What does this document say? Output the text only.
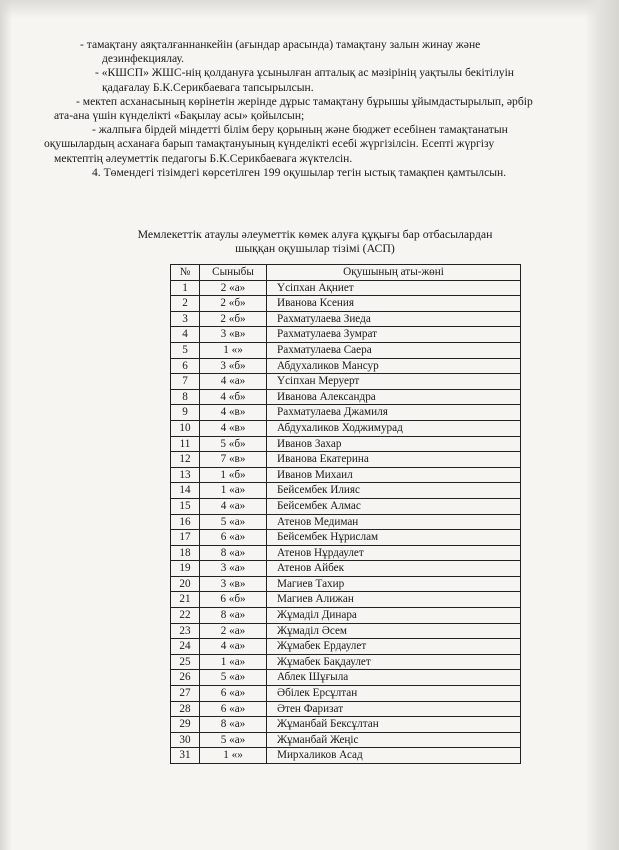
- тамақтану аяқталғаннанкейін (ағындар арасында) тамақтану залын жинау және
дезинфекциялау.
- «КШСП» ЖШС-нің қолдануға ұсынылған апталық ас мәзірінің уақтылы бекітілуін
қадағалау Б.К.Серикбаевага тапсырылсын.
- мектеп асханасының көрінетін жерінде дұрыс тамақтану бұрышы ұйымдастырылып, әрбір
ата-ана үшін күнделікті «Бақылау асы» қойылсын;
- жалпыға бірдей міндетті білім беру қорының және бюджет есебінен тамақтанатын
оқушылардың асханаға барып тамақтануының күнделікті есебі жүргізілсін. Есепті жүргізу
мектептің әлеуметтік педагогы Б.К.Серикбаевага жүктелсін.
4. Төмендегі тізімдегі көрсетілген 199 оқушылар тегін ыстық тамақпен қамтылсын.
Мемлекеттік атаулы әлеуметтік көмек алуға құқығы бар отбасылардан
шыққан оқушылар тізімі (АСП)
№	Сыныбы	Оқушының аты-жөні
1	2 «а»	Үсіпхан Ақниет
2	2 «б»	Иванова Ксения
3	2 «б»	Рахматулаева Зиеда
4	3 «в»	Рахматулаева Зумрат
5	1 «»	Рахматулаева Саера
6	3 «б»	Абдухаликов Мансур
7	4 «а»	Үсіпхан Меруерт
8	4 «б»	Иванова Александра
9	4 «в»	Рахматулаева Джамиля
10	4 «в»	Абдухаликов Ходжимурад
11	5 «б»	Иванов Захар
12	7 «в»	Иванова Екатерина
13	1 «б»	Иванов Михаил
14	1 «а»	Бейсембек Илияс
15	4 «а»	Бейсембек Алмас
16	5 «а»	Атенов Медиман
17	6 «а»	Бейсембек Нұрислам
18	8 «а»	Атенов Нұрдаулет
19	3 «а»	Атенов Айбек
20	3 «в»	Магиев Тахир
21	6 «б»	Магиев Алижан
22	8 «а»	Жұмаділ Динара
23	2 «а»	Жұмаділ Әсем
24	4 «а»	Жұмабек Ердаулет
25	1 «а»	Жұмабек Бақдаулет
26	5 «а»	Аблек Шұғыла
27	6 «а»	Әбілек Ерсұлтан
28	6 «а»	Әтен Фаризат
29	8 «а»	Жұманбай Бексұлтан
30	5 «а»	Жұманбай Жеңіс
31	1 «»	Мирхаликов Асад
